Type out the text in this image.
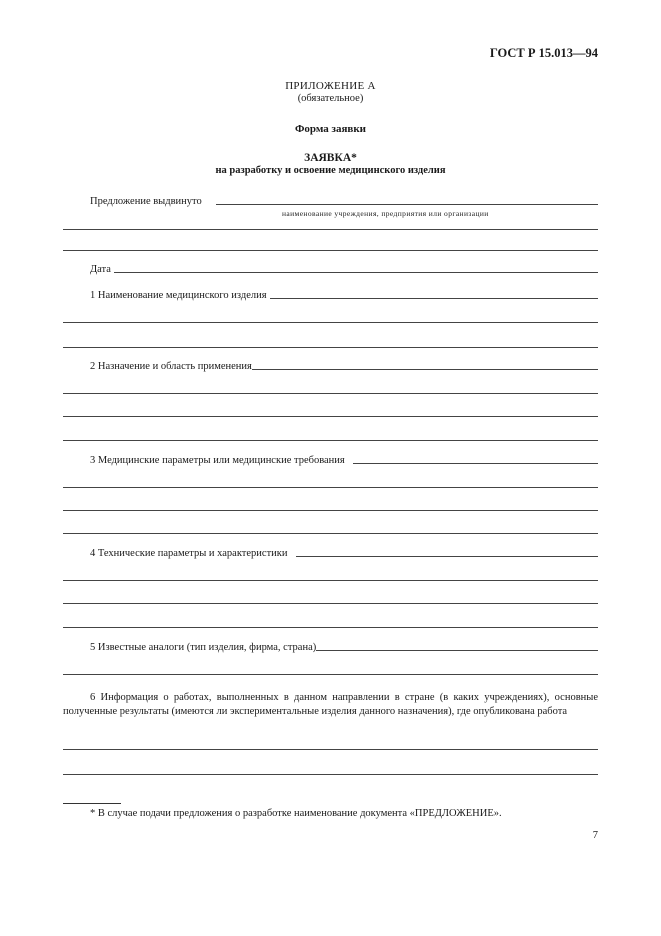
ГОСТ Р 15.013—94
ПРИЛОЖЕНИЕ А
(обязательное)
Форма заявки
ЗАЯВКА*
на разработку и освоение медицинского изделия
Предложение выдвинуто
наименование учреждения, предприятия или организации
Дата
1 Наименование медицинского изделия
2 Назначение и область применения
3 Медицинские параметры или медицинские требования
4 Технические параметры и характеристики
5 Известные аналоги (тип изделия, фирма, страна)
6 Информация о работах, выполненных в данном направлении в стране (в каких учреждениях), основные полученные результаты (имеются ли экспериментальные изделия данного назначения), где опубликована работа
* В случае подачи предложения о разработке наименование документа «ПРЕДЛОЖЕНИЕ».
7
